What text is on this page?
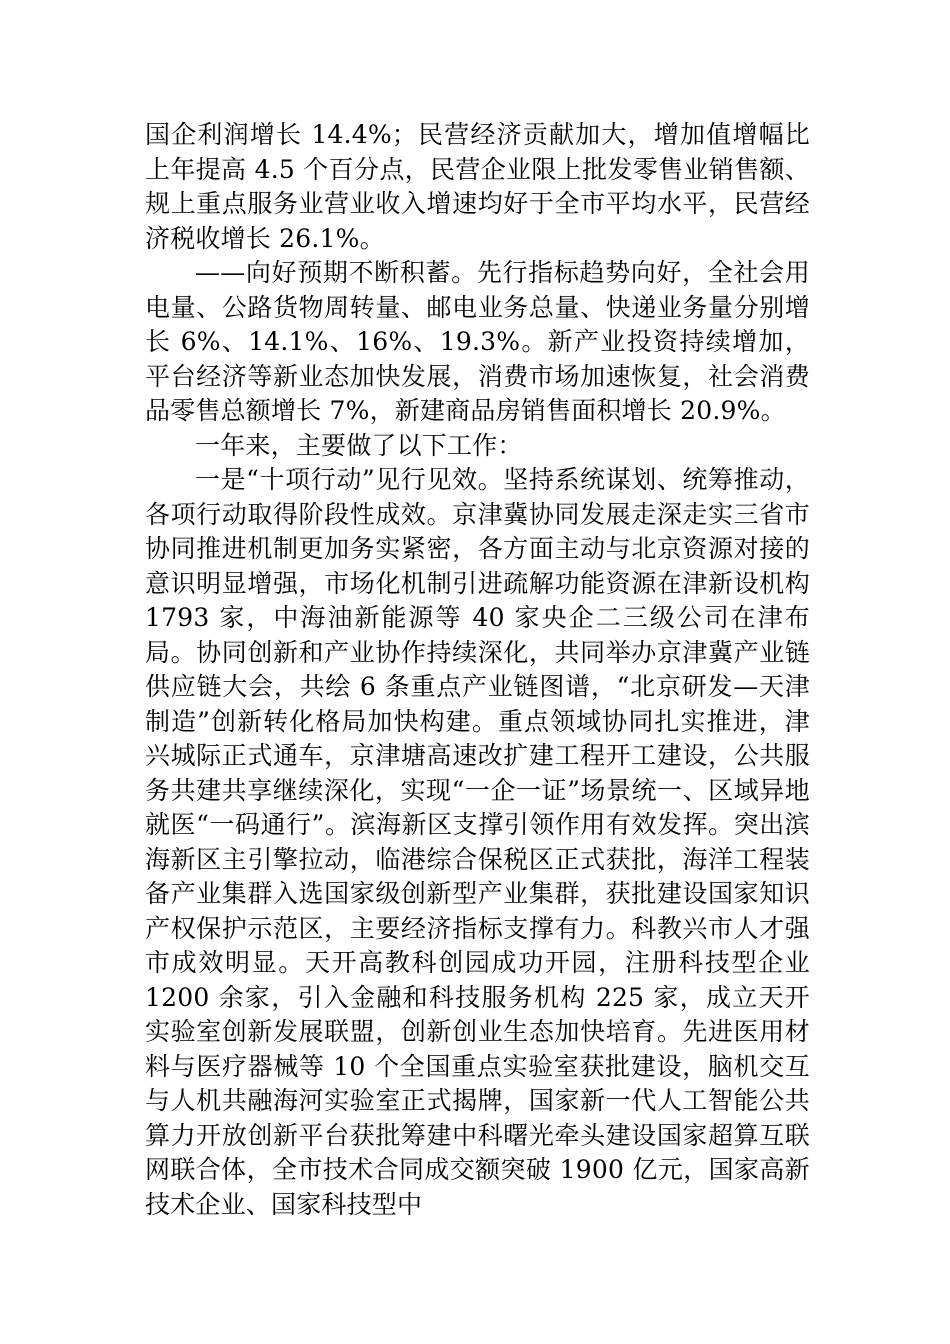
国企利润增长 14.4%；民营经济贡献加大，增加值增幅比上年提高 4.5 个百分点，民营企业限上批发零售业销售额、规上重点服务业营业收入增速均好于全市平均水平，民营经济税收增长 26.1%。

——向好预期不断积蓄。先行指标趋势向好，全社会用电量、公路货物周转量、邮电业务总量、快递业务量分别增长 6%、14.1%、16%、19.3%。新产业投资持续增加，平台经济等新业态加快发展，消费市场加速恢复，社会消费品零售总额增长 7%，新建商品房销售面积增长 20.9%。

一年来，主要做了以下工作：

一是“十项行动”见行见效。坚持系统谋划、统筹推动，各项行动取得阶段性成效。京津冀协同发展走深走实三省市协同推进机制更加务实紧密，各方面主动与北京资源对接的意识明显增强，市场化机制引进疏解功能资源在津新设机构 1793 家，中海油新能源等 40 家央企二三级公司在津布局。协同创新和产业协作持续深化，共同举办京津冀产业链供应链大会，共绘 6 条重点产业链图谱，“北京研发—天津制造”创新转化格局加快构建。重点领域协同扎实推进，津兴城际正式通车，京津塘高速改扩建工程开工建设，公共服务共建共享继续深化，实现“一企一证”场景统一、区域异地就医“一码通行”。滨海新区支撑引领作用有效发挥。突出滨海新区主引擎拉动，临港综合保税区正式获批，海洋工程装备产业集群入选国家级创新型产业集群，获批建设国家知识产权保护示范区，主要经济指标支撑有力。科教兴市人才强市成效明显。天开高教科创园成功开园，注册科技型企业 1200 余家，引入金融和科技服务机构 225 家，成立天开实验室创新发展联盟，创新创业生态加快培育。先进医用材料与医疗器械等 10 个全国重点实验室获批建设，脑机交互与人机共融海河实验室正式揭牌，国家新一代人工智能公共算力开放创新平台获批筹建中科曙光牵头建设国家超算互联网联合体，全市技术合同成交额突破 1900 亿元，国家高新技术企业、国家科技型中
